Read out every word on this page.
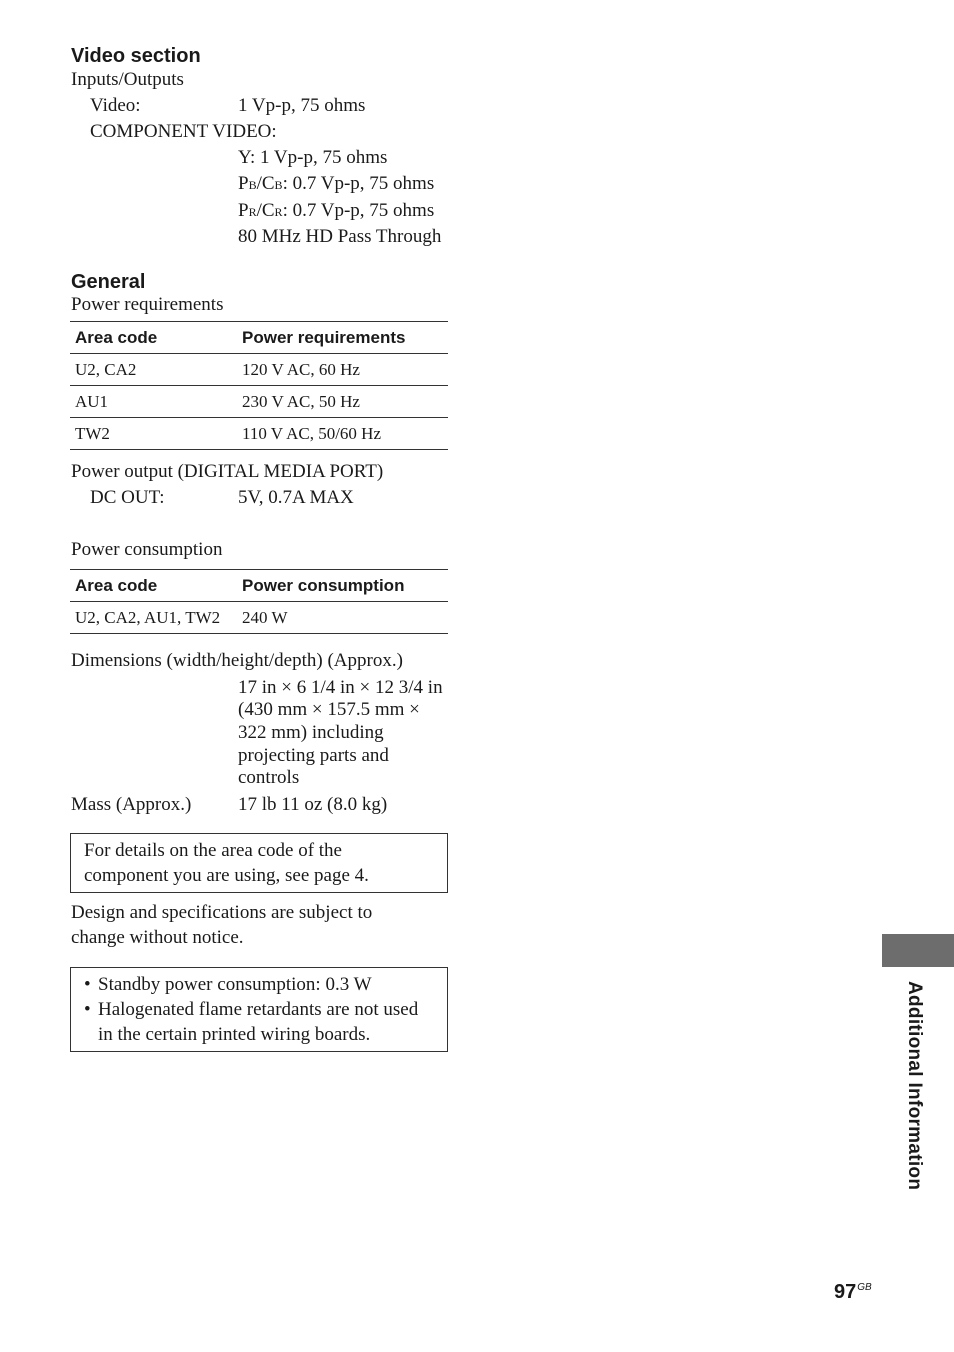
Video section
Inputs/Outputs
Video:	1 Vp-p, 75 ohms
COMPONENT VIDEO:
Y: 1 Vp-p, 75 ohms
PB/CB: 0.7 Vp-p, 75 ohms
PR/CR: 0.7 Vp-p, 75 ohms
80 MHz HD Pass Through
General
Power requirements
Area code	Power requirements
U2, CA2	120 V AC, 60 Hz
AU1	230 V AC, 50 Hz
TW2	110 V AC, 50/60 Hz
Power output (DIGITAL MEDIA PORT)
DC OUT:	5V, 0.7A MAX
Power consumption
Area code	Power consumption
U2, CA2, AU1, TW2	240 W
Dimensions (width/height/depth) (Approx.)
17 in × 6 1/4 in × 12 3/4 in
(430 mm × 157.5 mm ×
322 mm) including
projecting parts and
controls
Mass (Approx.) 17 lb 11 oz (8.0 kg)

For details on the area code of the

component you are using, see page 4.

Design and specifications are subject to
change without notice.
• Standby power consumption: 0.3 W
• Halogenated flame retardants are not used
in the certain printed wiring boards.	Additional Information
$97^{GB}$
